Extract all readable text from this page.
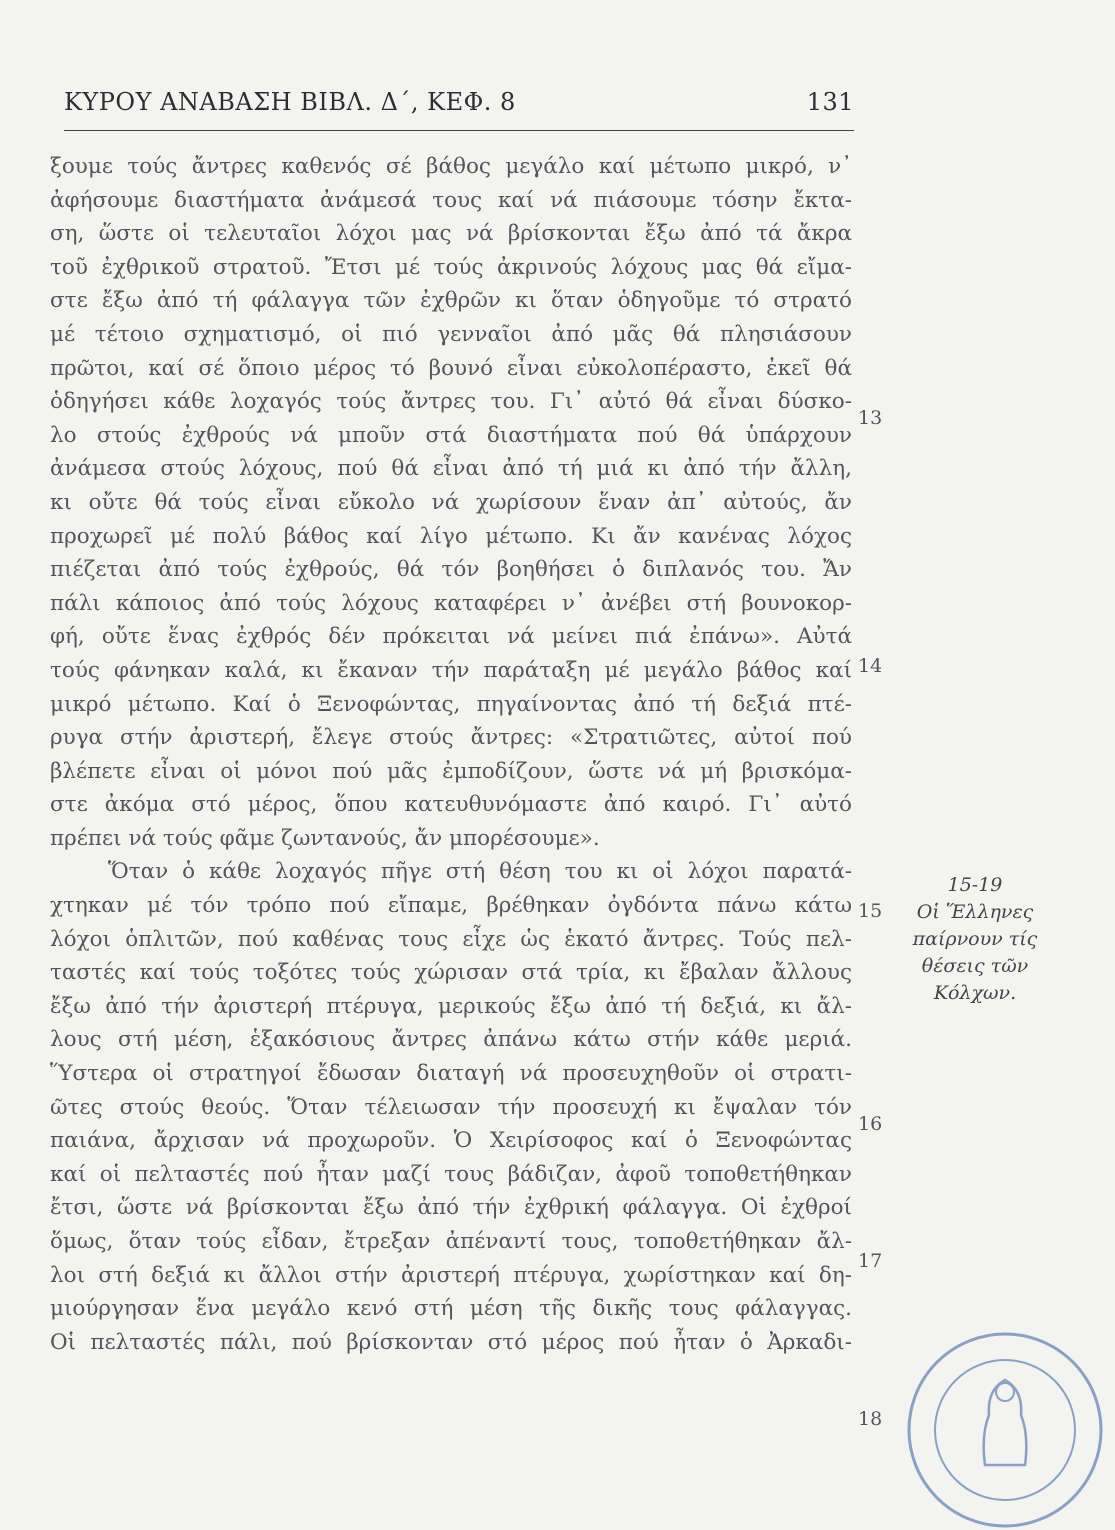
ΚΥΡΟΥ ΑΝΑΒΑΣΗ ΒΙΒΛ. Δ΄, ΚΕΦ. 8	131
ξουμε τούς ἄντρες καθενός σέ βάθος μεγάλο καί μέτωπο μικρό, ν᾽
ἀφήσουμε διαστήματα ἀνάμεσά τους καί νά πιάσουμε τόσην ἔκτα-
ση, ὥστε οἱ τελευταῖοι λόχοι μας νά βρίσκονται ἔξω ἀπό τά ἄκρα
τοῦ ἐχθρικοῦ στρατοῦ. Ἔτσι μέ τούς ἀκρινούς λόχους μας θά εἴμα-
στε ἔξω ἀπό τή φάλαγγα τῶν ἐχθρῶν κι ὅταν ὁδηγοῦμε τό στρατό
μέ τέτοιο σχηματισμό, οἱ πιό γενναῖοι ἀπό μᾶς θά πλησιάσουν
πρῶτοι, καί σέ ὅποιο μέρος τό βουνό εἶναι εὐκολοπέραστο, ἐκεῖ θά
ὁδηγήσει κάθε λοχαγός τούς ἄντρες του. Γι᾽ αὐτό θά εἶναι δύσκο-
λο στούς ἐχθρούς νά μποῦν στά διαστήματα πού θά ὑπάρχουν
ἀνάμεσα στούς λόχους, πού θά εἶναι ἀπό τή μιά κι ἀπό τήν ἄλλη,
κι οὔτε θά τούς εἶναι εὔκολο νά χωρίσουν ἕναν ἀπ᾽ αὐτούς, ἄν
προχωρεῖ μέ πολύ βάθος καί λίγο μέτωπο. Κι ἄν κανένας λόχος
πιέζεται ἀπό τούς ἐχθρούς, θά τόν βοηθήσει ὁ διπλανός του. Ἄν
πάλι κάποιος ἀπό τούς λόχους καταφέρει ν᾽ ἀνέβει στή βουνοκορ-
φή, οὔτε ἕνας ἐχθρός δέν πρόκειται νά μείνει πιά ἐπάνω». Αὐτά
τούς φάνηκαν καλά, κι ἔκαναν τήν παράταξη μέ μεγάλο βάθος καί
μικρό μέτωπο. Καί ὁ Ξενοφώντας, πηγαίνοντας ἀπό τή δεξιά πτέ-
ρυγα στήν ἀριστερή, ἔλεγε στούς ἄντρες: «Στρατιῶτες, αὐτοί πού
βλέπετε εἶναι οἱ μόνοι πού μᾶς ἐμποδίζουν, ὥστε νά μή βρισκόμα-
στε ἀκόμα στό μέρος, ὅπου κατευθυνόμαστε ἀπό καιρό. Γι᾽ αὐτό
πρέπει νά τούς φᾶμε ζωντανούς, ἄν μπορέσουμε».
Ὅταν ὁ κάθε λοχαγός πῆγε στή θέση του κι οἱ λόχοι παρατά-
χτηκαν μέ τόν τρόπο πού εἴπαμε, βρέθηκαν ὀγδόντα πάνω κάτω
λόχοι ὁπλιτῶν, πού καθένας τους εἶχε ὡς ἑκατό ἄντρες. Τούς πελ-
ταστές καί τούς τοξότες τούς χώρισαν στά τρία, κι ἔβαλαν ἄλλους
ἔξω ἀπό τήν ἀριστερή πτέρυγα, μερικούς ἔξω ἀπό τή δεξιά, κι ἄλ-
λους στή μέση, ἑξακόσιους ἄντρες ἀπάνω κάτω στήν κάθε μεριά.
Ὕστερα οἱ στρατηγοί ἔδωσαν διαταγή νά προσευχηθοῦν οἱ στρατι-
ῶτες στούς θεούς. Ὅταν τέλειωσαν τήν προσευχή κι ἔψαλαν τόν
παιάνα, ἄρχισαν νά προχωροῦν. Ὁ Χειρίσοφος καί ὁ Ξενοφώντας
καί οἱ πελταστές πού ἦταν μαζί τους βάδιζαν, ἀφοῦ τοποθετήθηκαν
ἔτσι, ὥστε νά βρίσκονται ἔξω ἀπό τήν ἐχθρική φάλαγγα. Οἱ ἐχθροί
ὅμως, ὅταν τούς εἶδαν, ἔτρεξαν ἀπέναντί τους, τοποθετήθηκαν ἄλ-
λοι στή δεξιά κι ἄλλοι στήν ἀριστερή πτέρυγα, χωρίστηκαν καί δη-
μιούργησαν ἕνα μεγάλο κενό στή μέση τῆς δικῆς τους φάλαγγας.
Οἱ πελταστές πάλι, πού βρίσκονταν στό μέρος πού ἦταν ὁ Ἀρκαδι-
13
14
15
16
17
18
15-19
Οἱ Ἕλληνες
παίρνουν τίς
θέσεις τῶν
Κόλχων.
